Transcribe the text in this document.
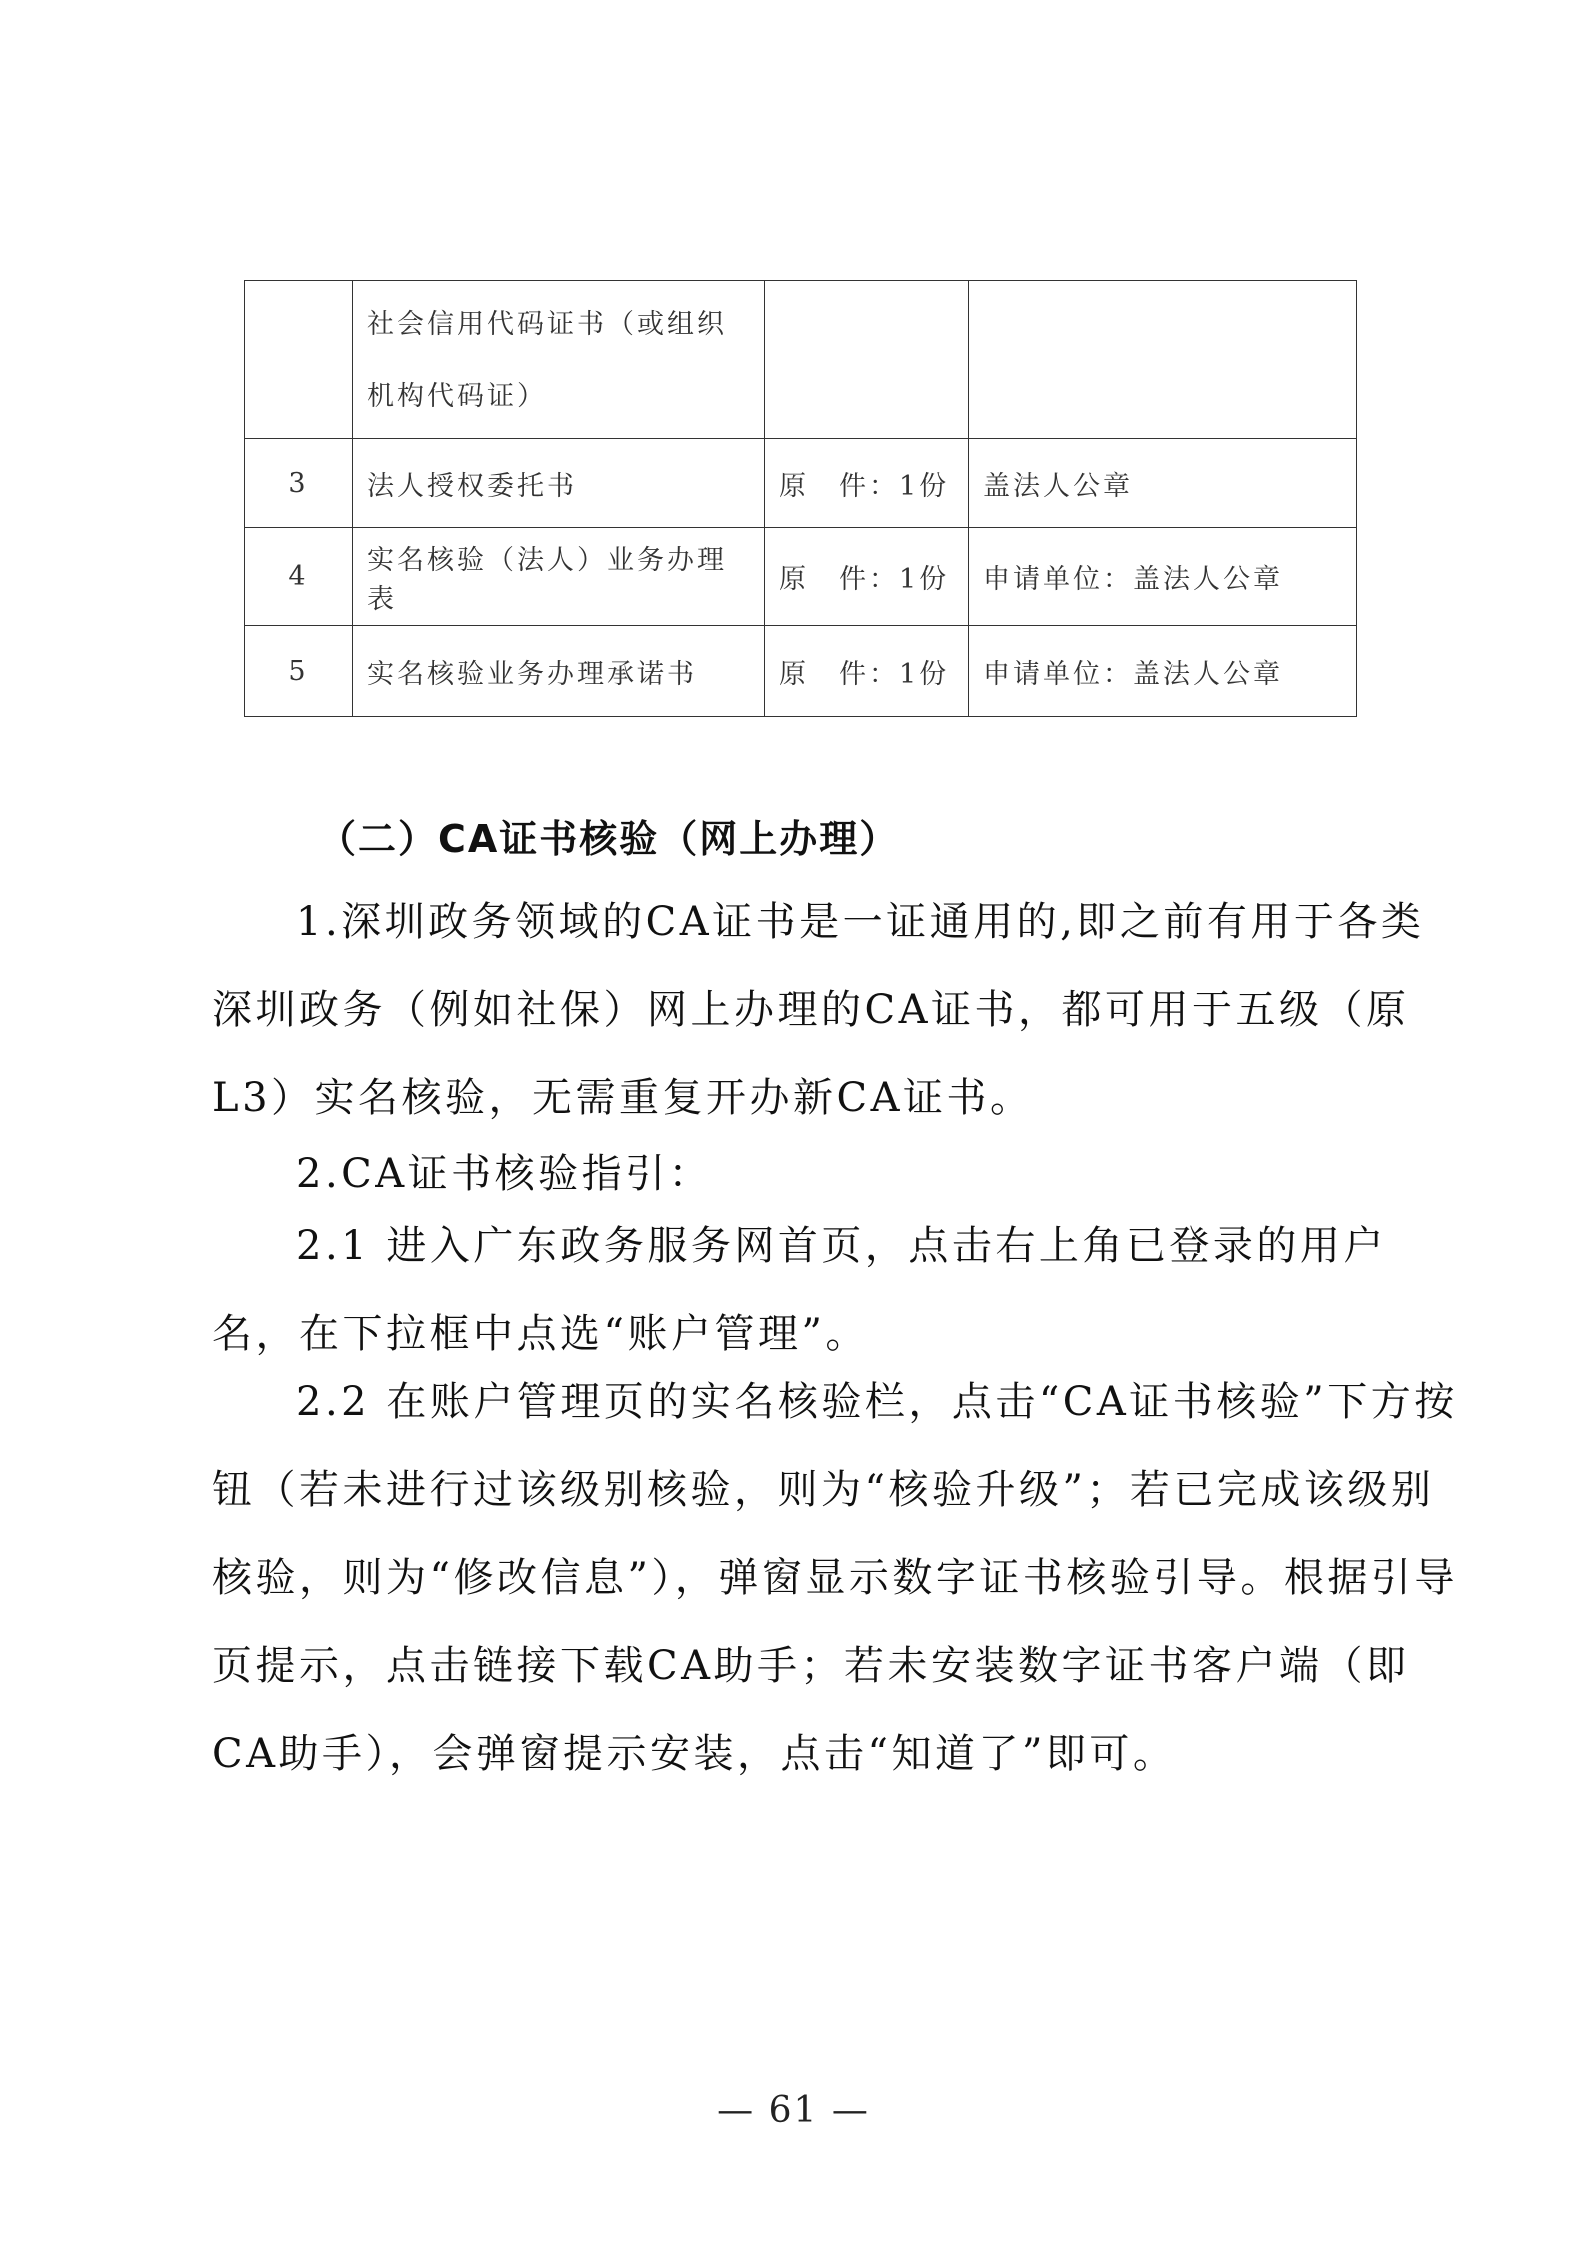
	社会信用代码证书（或组织机构代码证）		
3	法人授权委托书	原　件：1份	盖法人公章
4	实名核验（法人）业务办理表	原　件：1份	申请单位：盖法人公章
5	实名核验业务办理承诺书	原　件：1份	申请单位：盖法人公章
（二）CA证书核验（网上办理）

1.深圳政务领域的CA证书是一证通用的,即之前有用于各类深圳政务（例如社保）网上办理的CA证书，都可用于五级（原L3）实名核验，无需重复开办新CA证书。

2.CA证书核验指引：

2.1 进入广东政务服务网首页，点击右上角已登录的用户名，在下拉框中点选“账户管理”。

2.2 在账户管理页的实名核验栏，点击“CA证书核验”下方按钮（若未进行过该级别核验，则为“核验升级”；若已完成该级别核验，则为“修改信息”），弹窗显示数字证书核验引导。根据引导页提示，点击链接下载CA助手；若未安装数字证书客户端（即CA助手），会弹窗提示安装，点击“知道了”即可。

— 61 —
